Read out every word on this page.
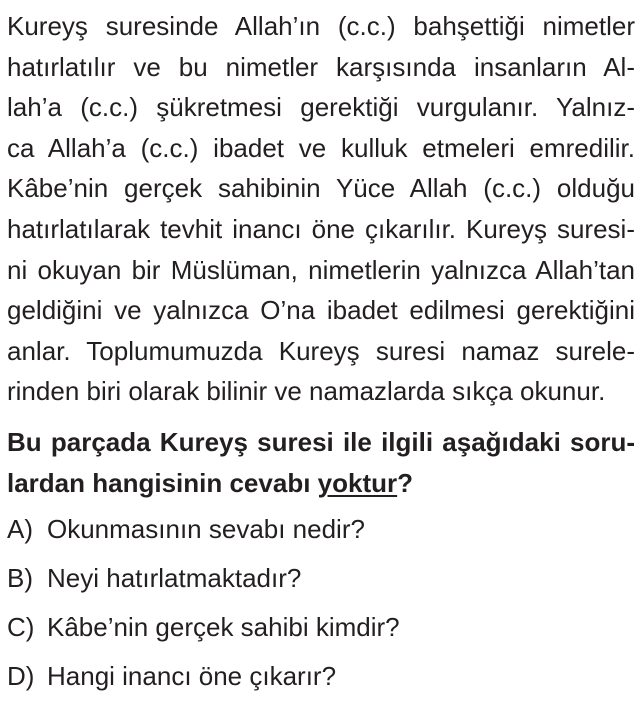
Kureyş suresinde Allah’ın (c.c.) bahşettiği nimetler
hatırlatılır ve bu nimetler karşısında insanların Al-
lah’a (c.c.) şükretmesi gerektiği vurgulanır. Yalnız-
ca Allah’a (c.c.) ibadet ve kulluk etmeleri emredilir.
Kâbe’nin gerçek sahibinin Yüce Allah (c.c.) olduğu
hatırlatılarak tevhit inancı öne çıkarılır. Kureyş suresi-
ni okuyan bir Müslüman, nimetlerin yalnızca Allah’tan
geldiğini ve yalnızca O’na ibadet edilmesi gerektiğini
anlar. Toplumumuzda Kureyş suresi namaz surele-
rinden biri olarak bilinir ve namazlarda sıkça okunur.
Bu parçada Kureyş suresi ile ilgili aşağıdaki soru-
lardan hangisinin cevabı yoktur?
A) Okunmasının sevabı nedir?
B) Neyi hatırlatmaktadır?
C) Kâbe’nin gerçek sahibi kimdir?
D) Hangi inancı öne çıkarır?
